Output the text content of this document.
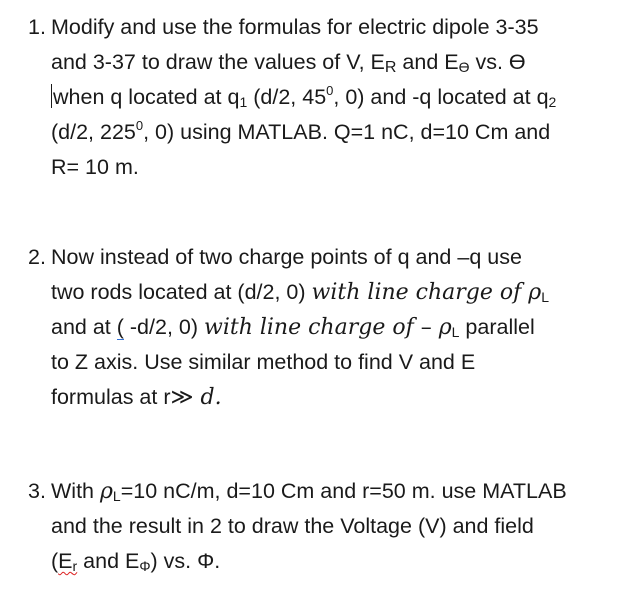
1. Modify and use the formulas for electric dipole 3-35
and 3-37 to draw the values of V, ER and EƟ vs. Ɵ
when q located at q1 (d/2, $45^0$, 0) and -q located at q2
(d/2, $225^0$, 0) using MATLAB. Q=1 nC, d=10 Cm and
R= 10 m.
2. Now instead of two charge points of q and –q use
two rods located at (d/2, 0) with line charge of ρL
and at ( -d/2, 0) with line charge of – ρL parallel
to Z axis. Use similar method to find V and E
formulas at r≫ d.
3. With ρL=10 nC/m, d=10 Cm and r=50 m. use MATLAB
and the result in 2 to draw the Voltage (V) and field
(Er and EΦ) vs. Φ.
